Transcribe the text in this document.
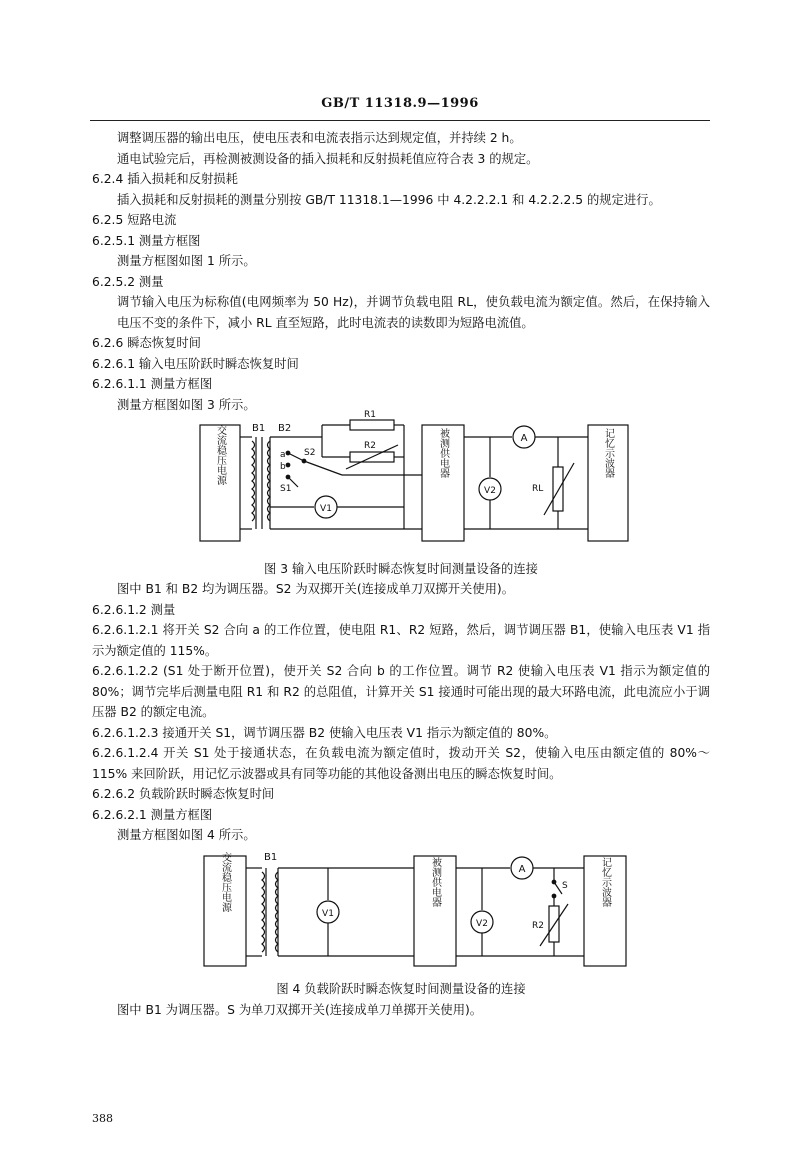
GB/T 11318.9—1996
调整调压器的输出电压，使电压表和电流表指示达到规定值，并持续 2 h。
通电试验完后，再检测被测设备的插入损耗和反射损耗值应符合表 3 的规定。
6.2.4 插入损耗和反射损耗
插入损耗和反射损耗的测量分别按 GB/T 11318.1—1996 中 4.2.2.2.1 和 4.2.2.2.5 的规定进行。
6.2.5 短路电流
6.2.5.1 测量方框图
测量方框图如图 1 所示。
6.2.5.2 测量
调节输入电压为标称值(电网频率为 50 Hz)，并调节负载电阻 RL，使负载电流为额定值。然后，在保持输入电压不变的条件下，减小 RL 直至短路，此时电流表的读数即为短路电流值。
6.2.6 瞬态恢复时间
6.2.6.1 输入电压阶跃时瞬态恢复时间
6.2.6.1.1 测量方框图
测量方框图如图 3 所示。
交流稳压电源	B1 B2
R1
R2
a
b
S2
S1
V1
被测供电器	A
V2	RL
记忆示波器
图 3 输入电压阶跃时瞬态恢复时间测量设备的连接
图中 B1 和 B2 均为调压器。S2 为双掷开关(连接成单刀双掷开关使用)。
6.2.6.1.2 测量
6.2.6.1.2.1 将开关 S2 合向 a 的工作位置，使电阻 R1、R2 短路，然后，调节调压器 B1，使输入电压表 V1 指示为额定值的 115%。
6.2.6.1.2.2 (S1 处于断开位置)，使开关 S2 合向 b 的工作位置。调节 R2 使输入电压表 V1 指示为额定值的 80%；调节完毕后测量电阻 R1 和 R2 的总阻值，计算开关 S1 接通时可能出现的最大环路电流，此电流应小于调压器 B2 的额定电流。
6.2.6.1.2.3 接通开关 S1，调节调压器 B2 使输入电压表 V1 指示为额定值的 80%。
6.2.6.1.2.4 开关 S1 处于接通状态，在负载电流为额定值时，拨动开关 S2，使输入电压由额定值的 80%～115% 来回阶跃，用记忆示波器或具有同等功能的其他设备测出电压的瞬态恢复时间。
6.2.6.2 负载阶跃时瞬态恢复时间
6.2.6.2.1 测量方框图
测量方框图如图 4 所示。
交流稳压电源	B1
V1
被测供电器	A
V2
S
R2
记忆示波器
图 4 负载阶跃时瞬态恢复时间测量设备的连接
图中 B1 为调压器。S 为单刀双掷开关(连接成单刀单掷开关使用)。
388
